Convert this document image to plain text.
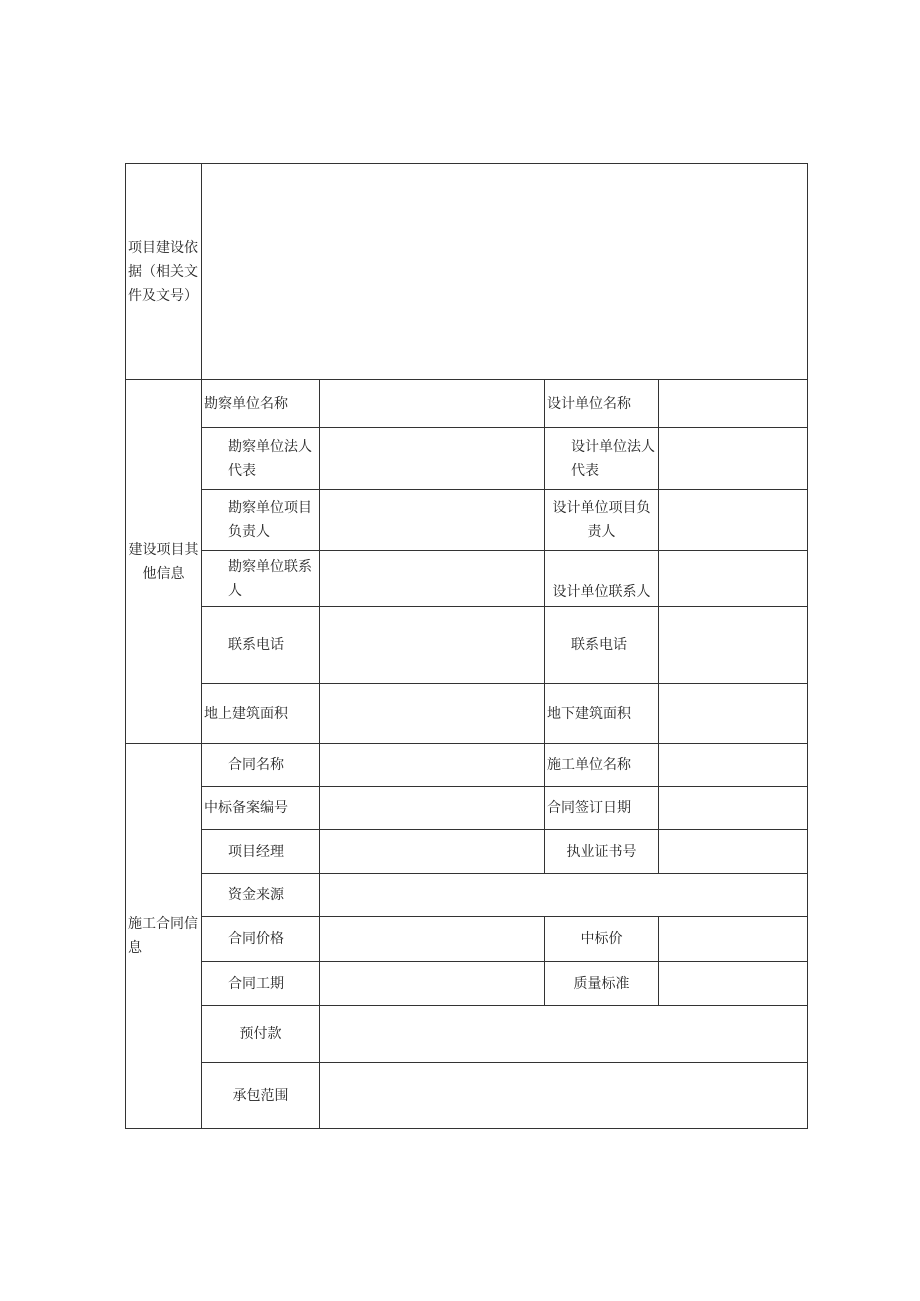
项目建设依据（相关文件及文号）				
建设项目其他信息	勘察单位名称		设计单位名称	
	勘察单位法人代表		设计单位法人代表	
	勘察单位项目负责人		设计单位项目负责人	
	勘察单位联系人		设计单位联系人	
	联系电话		联系电话	
	地上建筑面积		地下建筑面积	
施工合同信息	合同名称		施工单位名称	
	中标备案编号		合同签订日期	
	项目经理		执业证书号	
	资金来源			
	合同价格		中标价	
	合同工期		质量标准	
	预付款			
	承包范围			
